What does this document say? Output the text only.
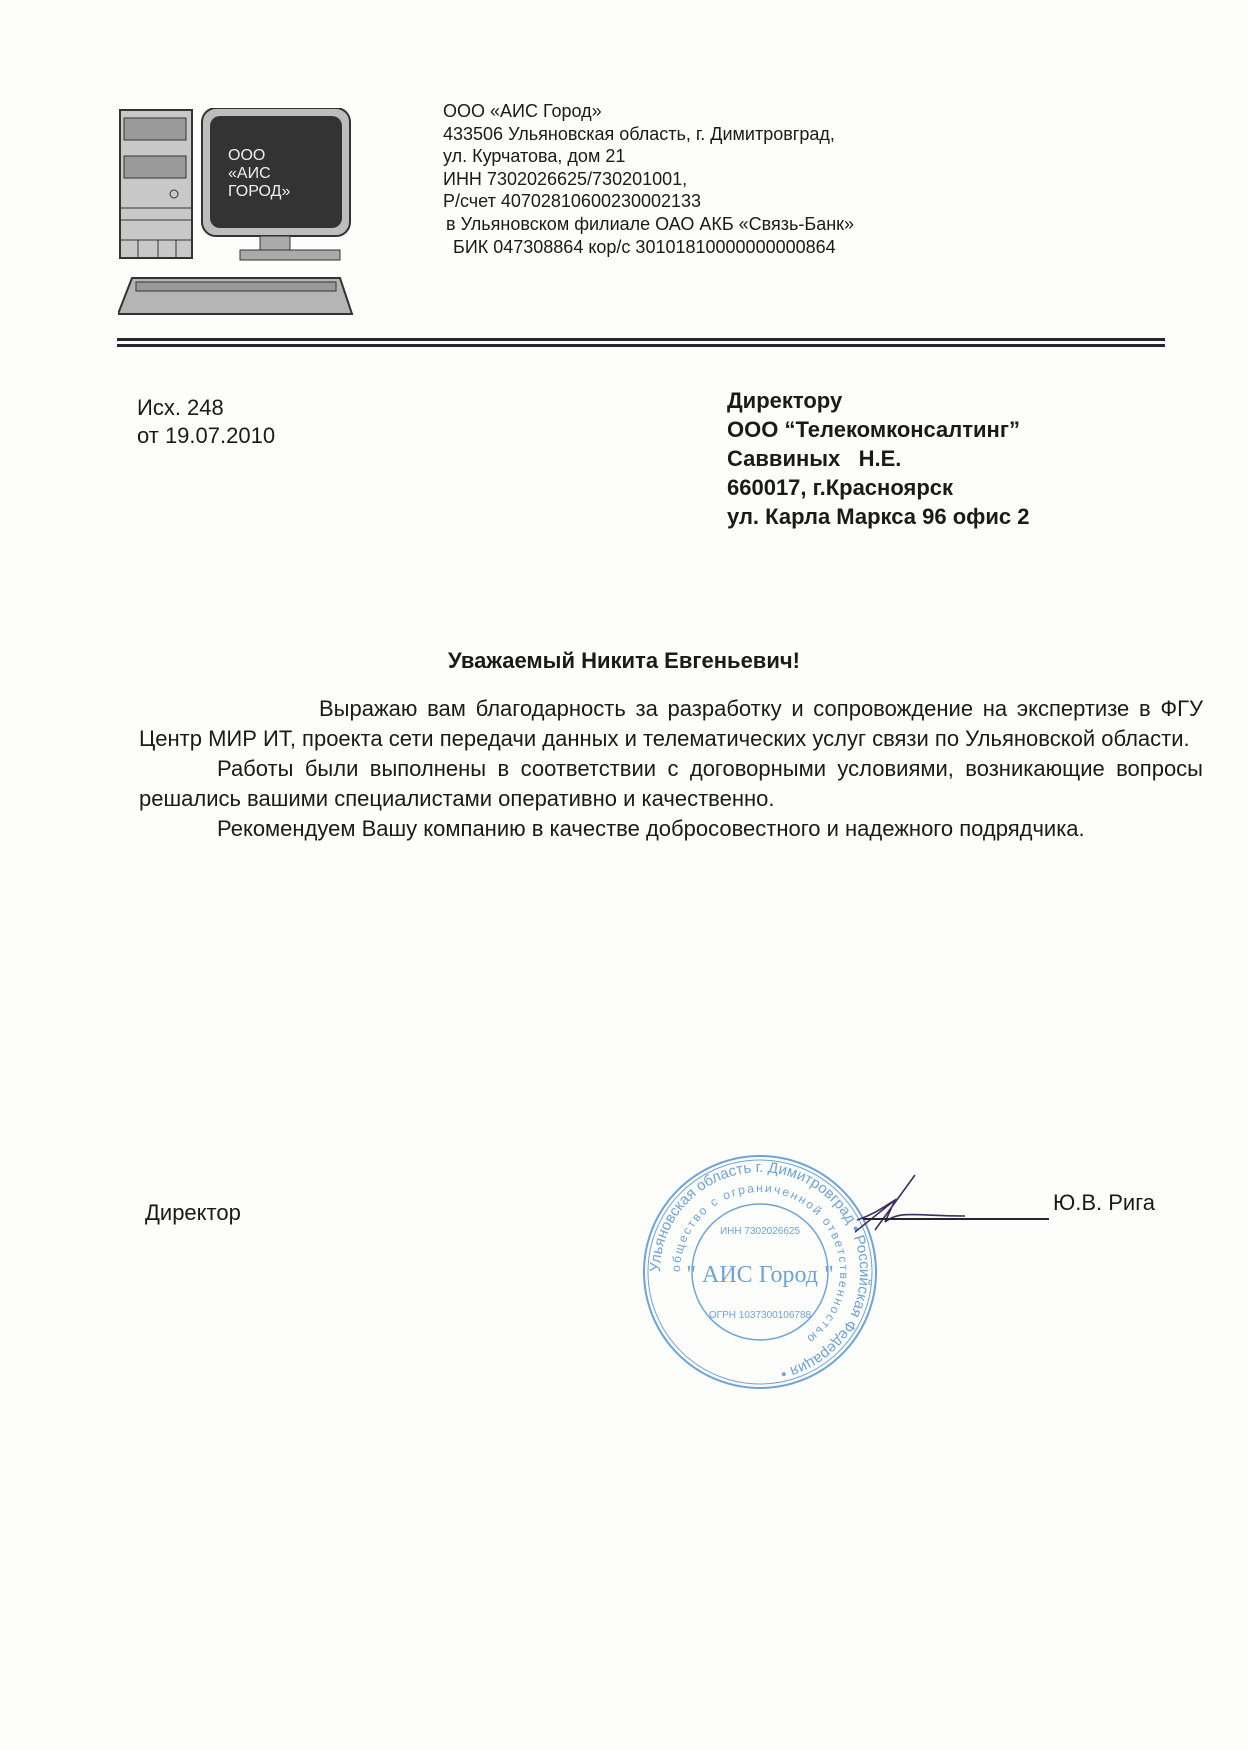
ООО
«АИС
ГОРОД»
ООО «АИС Город»
433506 Ульяновская область, г. Димитровград,
ул. Курчатова, дом 21
ИНН 7302026625/730201001,
Р/счет 40702810600230002133
в Ульяновском филиале ОАО АКБ «Связь-Банк»
БИК 047308864 кор/с 30101810000000000864
Исх. 248
от 19.07.2010
Директору
ООО “Телекомконсалтинг”
Саввиных   Н.Е.
660017, г.Красноярск
ул. Карла Маркса 96 офис 2
Уважаемый Никита Евгеньевич!

Выражаю вам благодарность за разработку и сопровождение на экспертизе в ФГУ Центр МИР ИТ, проекта сети передачи данных и телематических услуг связи по Ульяновской области.

Работы были выполнены в соответствии с договорными условиями, возникающие вопросы решались вашими специалистами оперативно и качественно.

Рекомендуем Вашу компанию в качестве добросовестного и надежного подрядчика.

Директор
Ульяновская область г. Димитровград • Российская Федерация •
общество с ограниченной ответственностью
ИНН 7302026625
" АИС Город "
ОГРН 1037300106788
Ю.В. Рига
